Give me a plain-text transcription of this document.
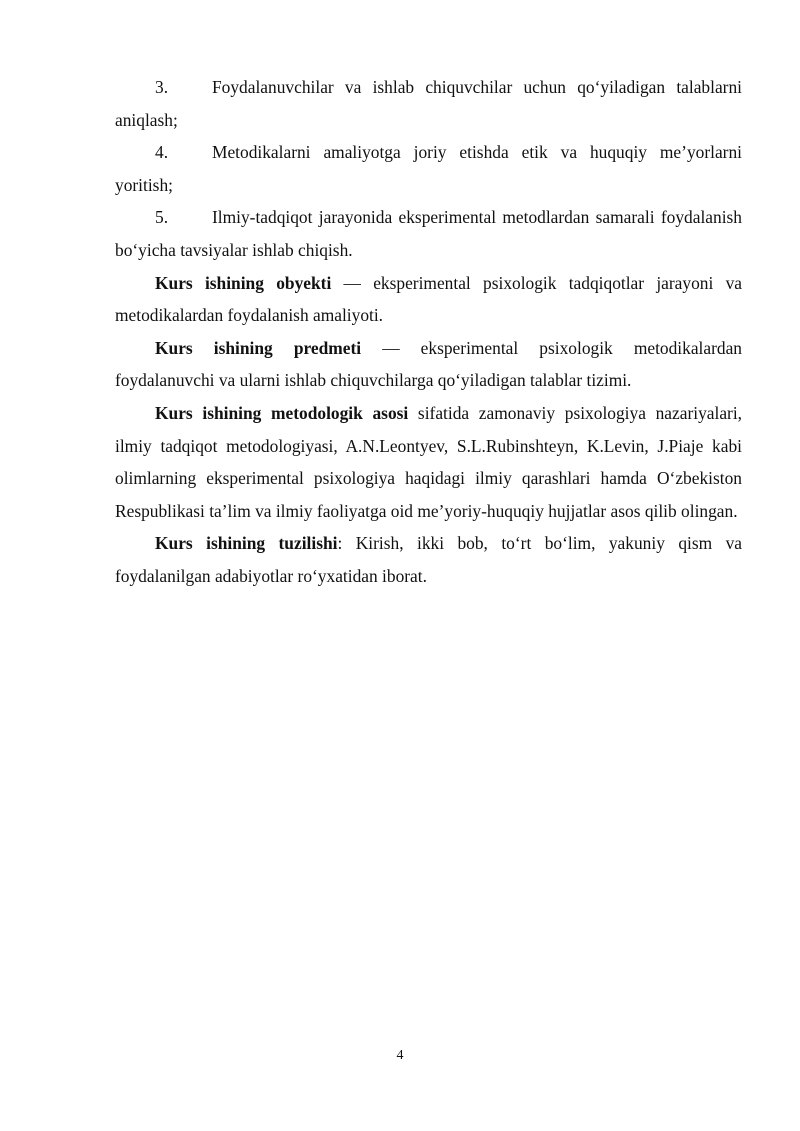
3.	Foydalanuvchilar va ishlab chiquvchilar uchun qo‘yiladigan talablarni aniqlash;

4.	Metodikalarni amaliyotga joriy etishda etik va huquqiy me’yorlarni yoritish;

5.	Ilmiy-tadqiqot jarayonida eksperimental metodlardan samarali foydalanish bo‘yicha tavsiyalar ishlab chiqish.

Kurs ishining obyekti — eksperimental psixologik tadqiqotlar jarayoni va metodikalardan foydalanish amaliyoti.

Kurs ishining predmeti — eksperimental psixologik metodikalardan foydalanuvchi va ularni ishlab chiquvchilarga qo‘yiladigan talablar tizimi.

Kurs ishining metodologik asosi sifatida zamonaviy psixologiya nazariyalari, ilmiy tadqiqot metodologiyasi, A.N.Leontyev, S.L.Rubinshteyn, K.Levin, J.Piaje kabi olimlarning eksperimental psixologiya haqidagi ilmiy qarashlari hamda O‘zbekiston Respublikasi ta’lim va ilmiy faoliyatga oid me’yoriy-huquqiy hujjatlar asos qilib olingan.

Kurs ishining tuzilishi: Kirish, ikki bob, to‘rt bo‘lim, yakuniy qism va foydalanilgan adabiyotlar ro‘yxatidan iborat.

4
